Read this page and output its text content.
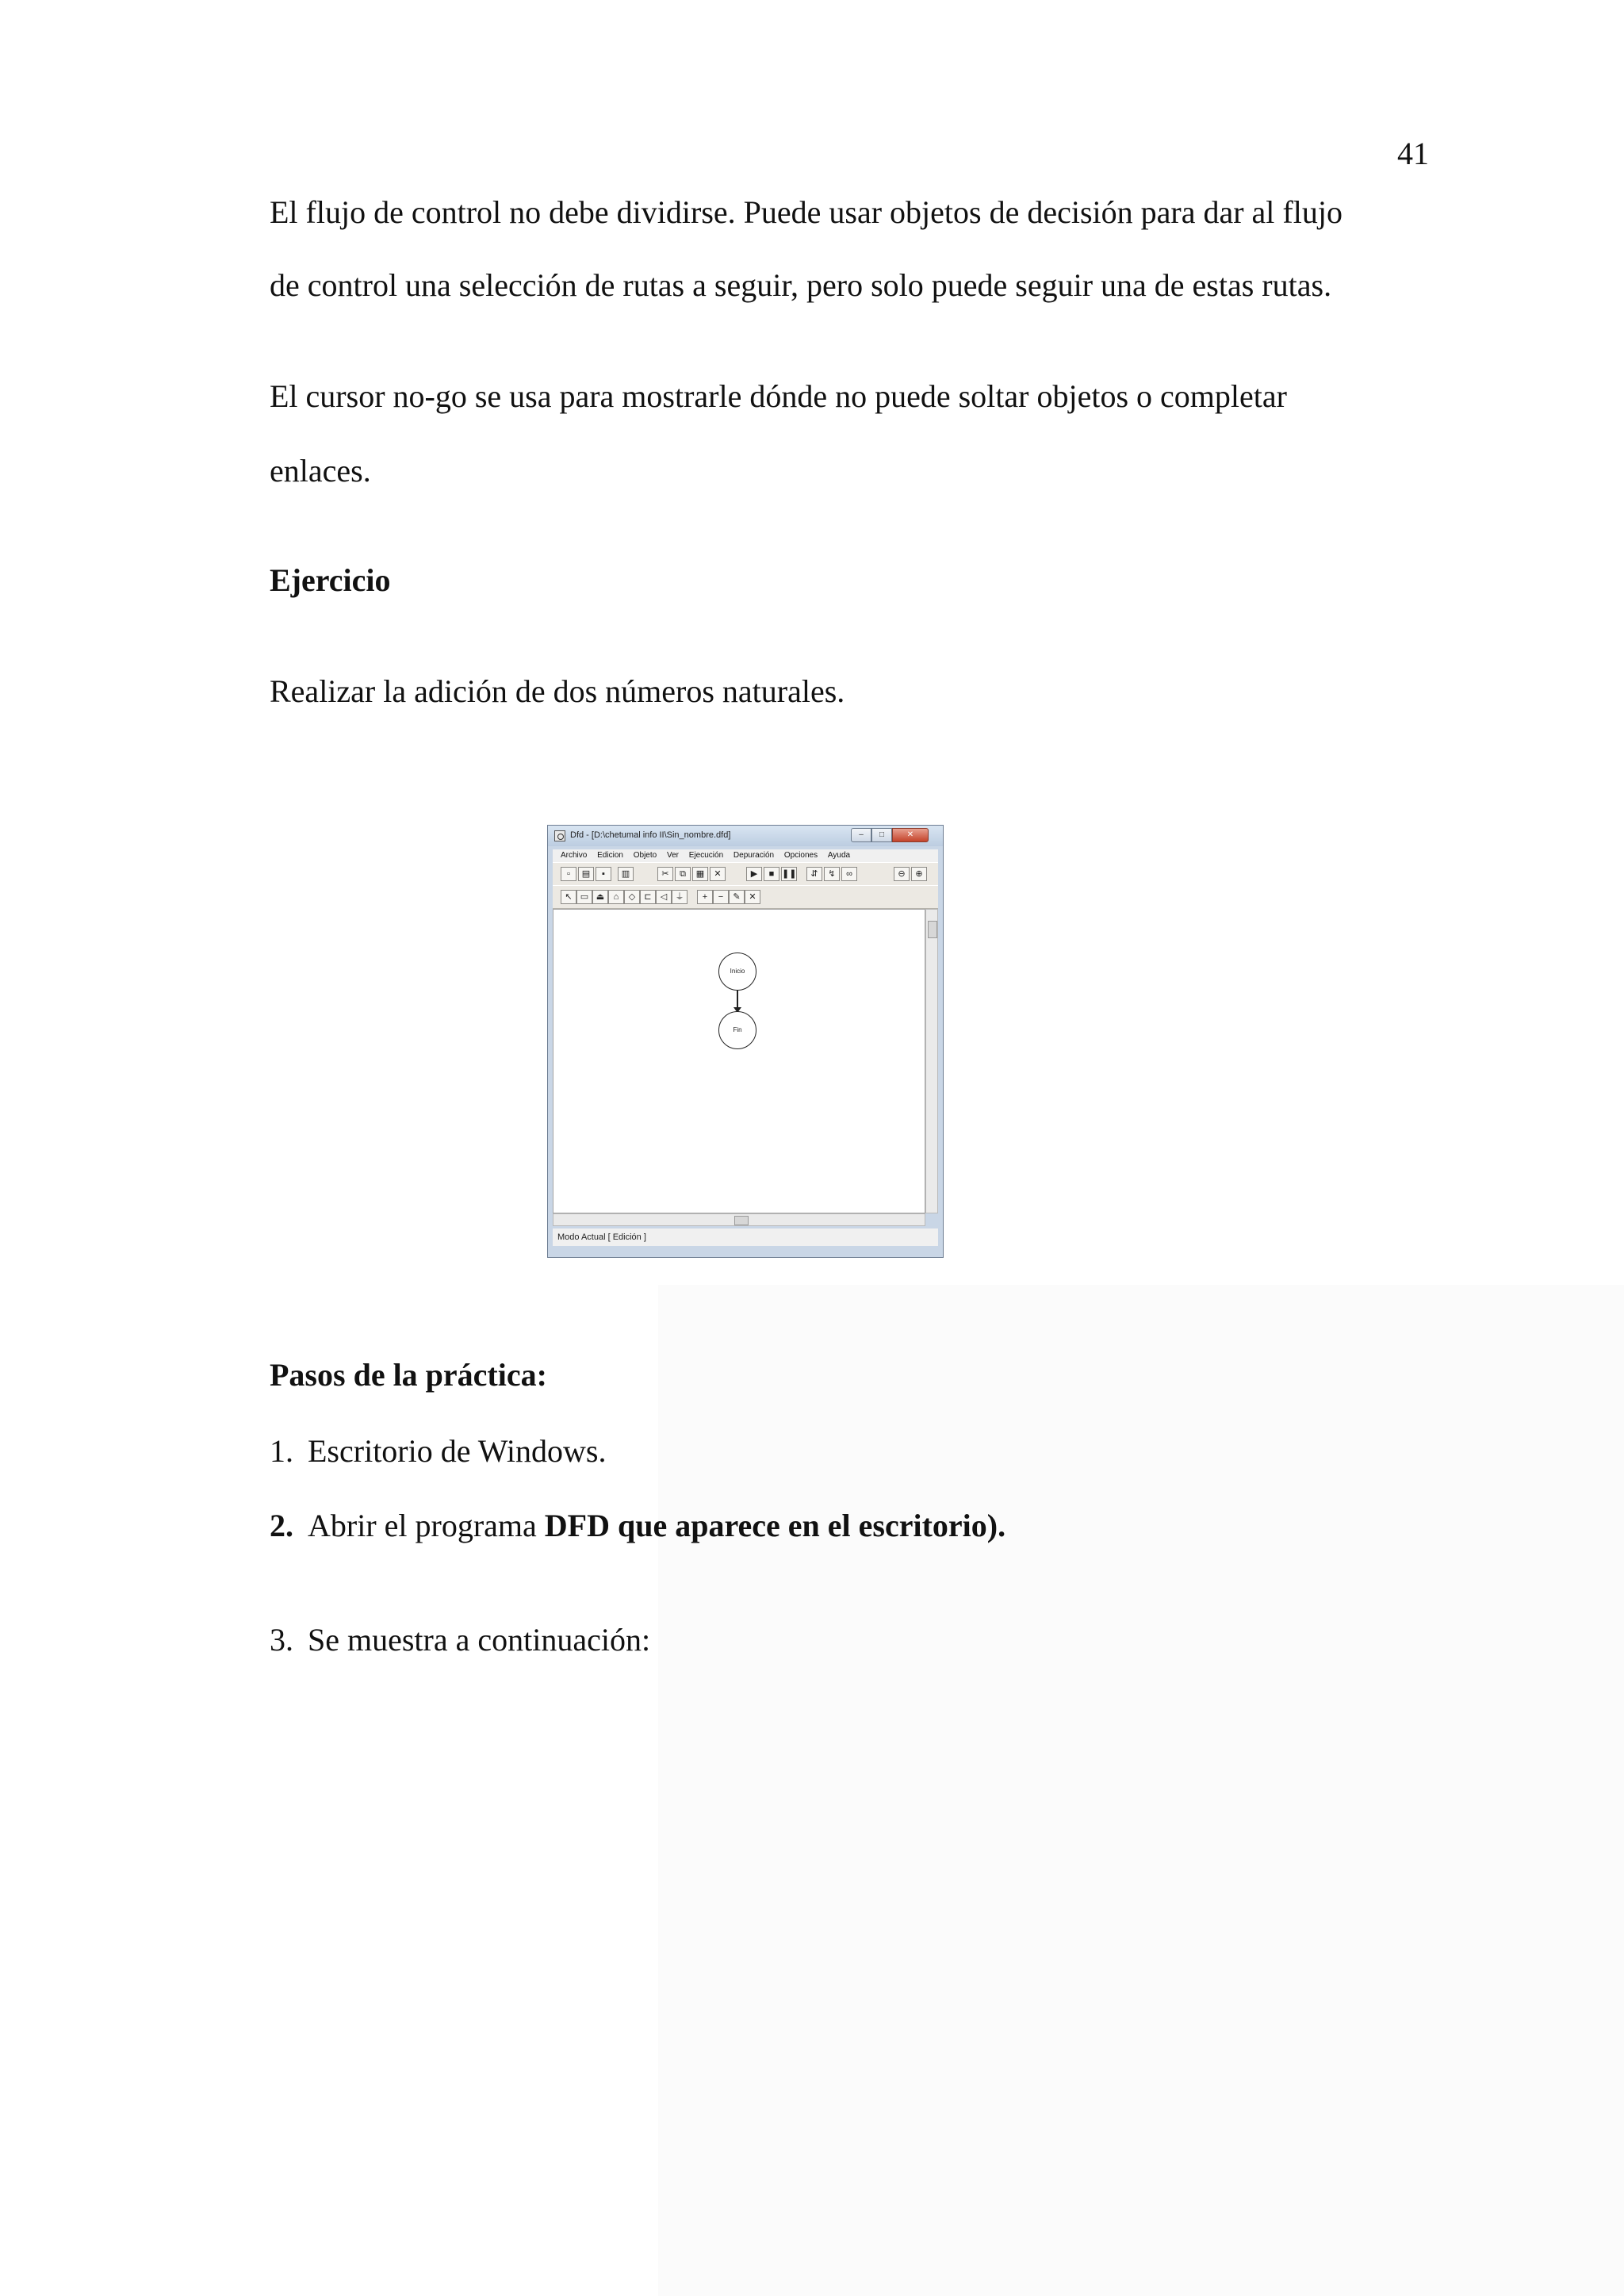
41

El flujo de control no debe dividirse. Puede usar objetos de decisión para dar al flujo

de control una selección de rutas a seguir, pero solo puede seguir una de estas rutas.

El cursor no-go se usa para mostrarle dónde no puede soltar objetos o completar

enlaces.

Ejercicio

Realizar la adición de dos números naturales.

Dfd - [D:\chetumal info II\Sin_nombre.dfd]	–	□	✕
Archivo Edicion Objeto Ver Ejecución Depuración Opciones Ayuda
▫	▤	▪	▥	✂	⧉	▦	✕	▶	■ ❚❚	⇵	↯	∞	⊖	⊕
↖ ▭ ⏏	⌂	◇	⊏	◁ ⏚	+	−	✎ ✕
Inicio
Fin
Modo Actual [ Edición ]

Pasos de la práctica:

1. Escritorio de Windows.
2. Abrir el programa DFD que aparece en el escritorio).
3. Se muestra a continuación:
